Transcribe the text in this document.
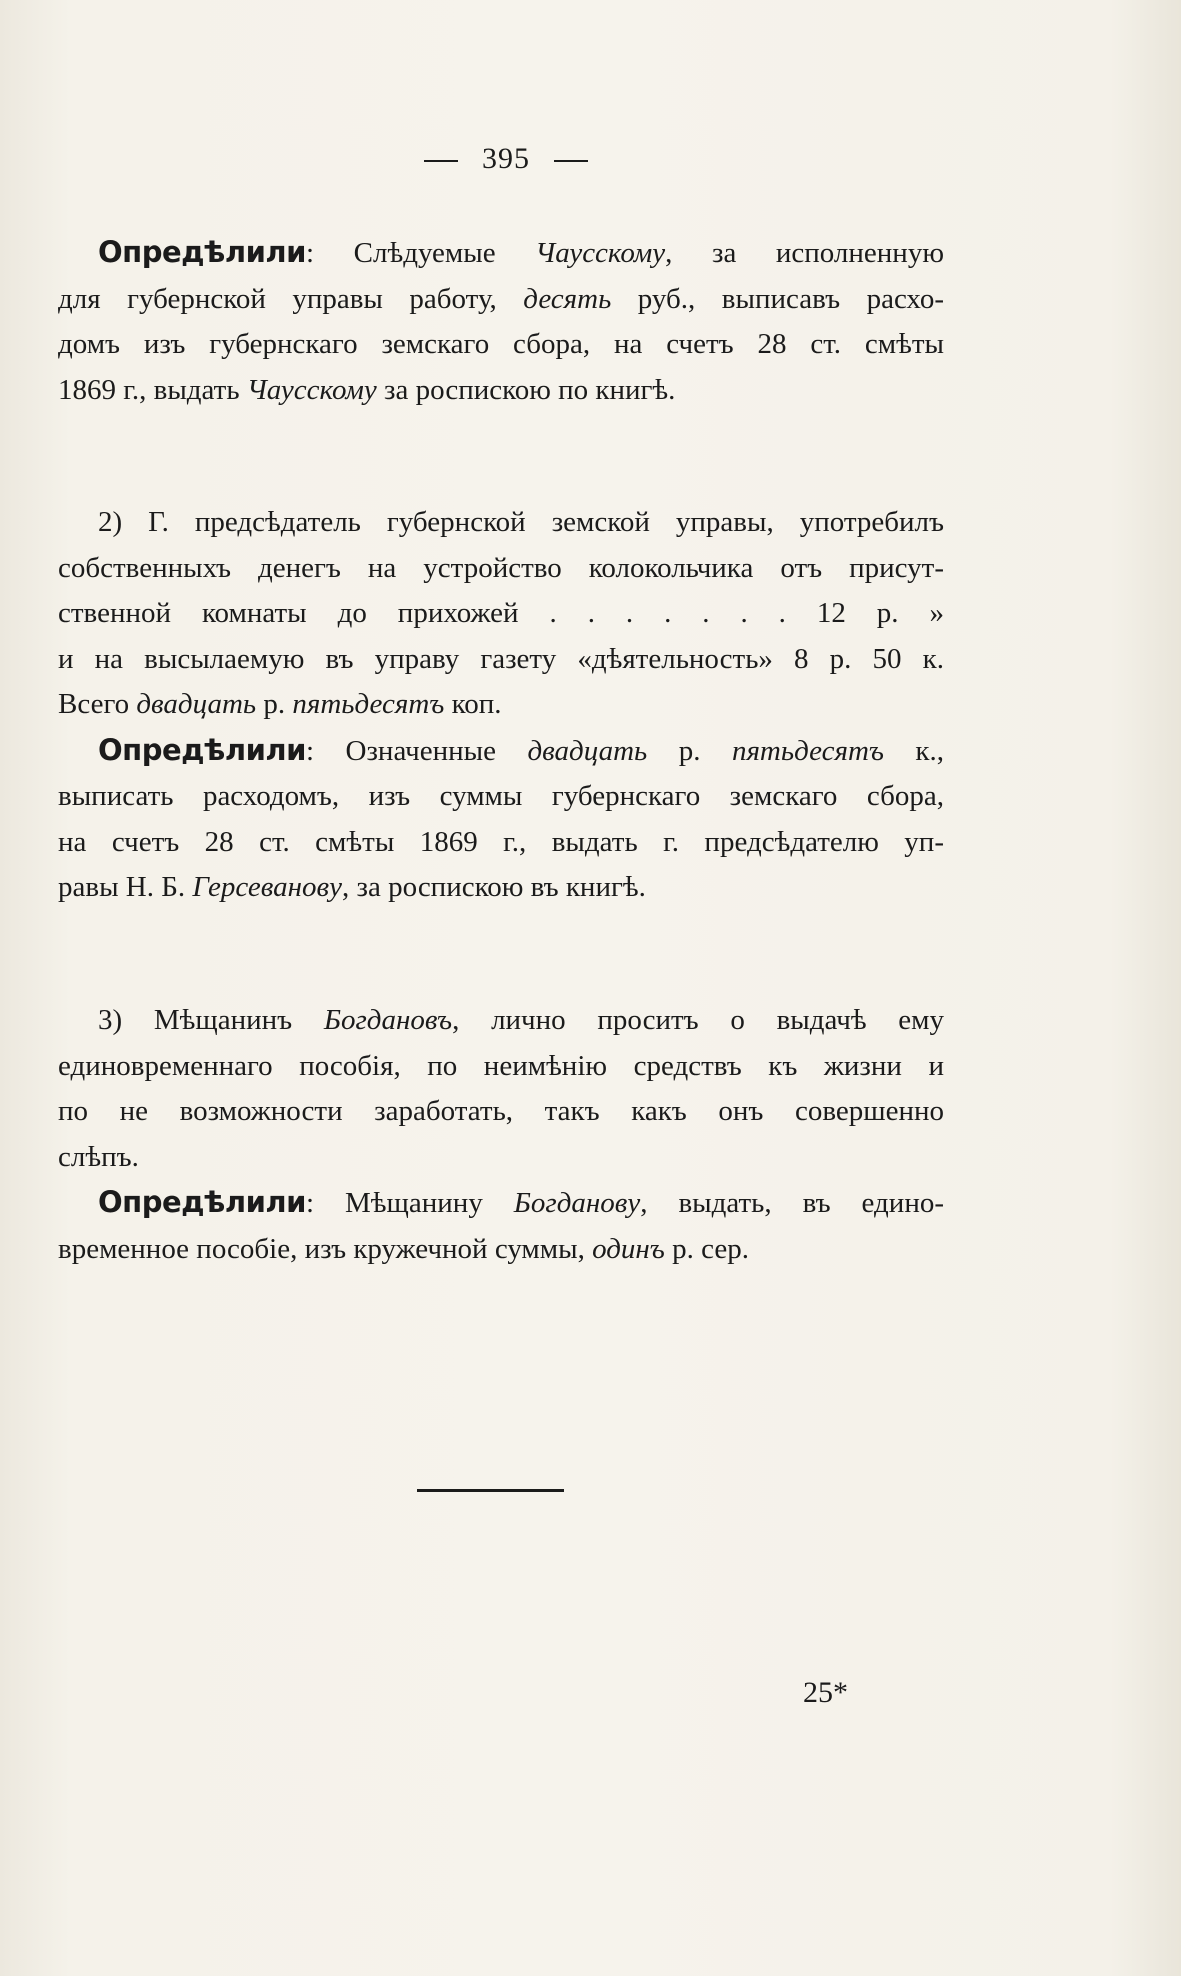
395
Опредѣлили: Слѣдуемые Чаусскому, за исполненную
для губернской управы работу, десять руб., выписавъ расхо-
домъ изъ губернскаго земскаго сбора, на счетъ 28 ст. смѣты
1869 г., выдать Чаусскому за роспискою по книгѣ.
2) Г. предсѣдатель губернской земской управы, употребилъ
собственныхъ денегъ на устройство колокольчика отъ присут-
ственной комнаты до прихожей . . . . . . . 12 р. »
и на высылаемую въ управу газету «дѣятельность» 8 р. 50 к.
Всего двадцать р. пятьдесятъ коп.
Опредѣлили: Означенные двадцать р. пятьдесятъ к.,
выписать расходомъ, изъ суммы губернскаго земскаго сбора,
на счетъ 28 ст. смѣты 1869 г., выдать г. предсѣдателю уп-
равы Н. Б. Герсеванову, за роспискою въ книгѣ.
3) Мѣщанинъ Богдановъ, лично проситъ о выдачѣ ему
единовременнаго пособія, по неимѣнію средствъ къ жизни и
по не возможности заработать, такъ какъ онъ совершенно
слѣпъ.
Опредѣлили: Мѣщанину Богданову, выдать, въ едино-
временное пособіе, изъ кружечной суммы, одинъ р. сер.
25*
